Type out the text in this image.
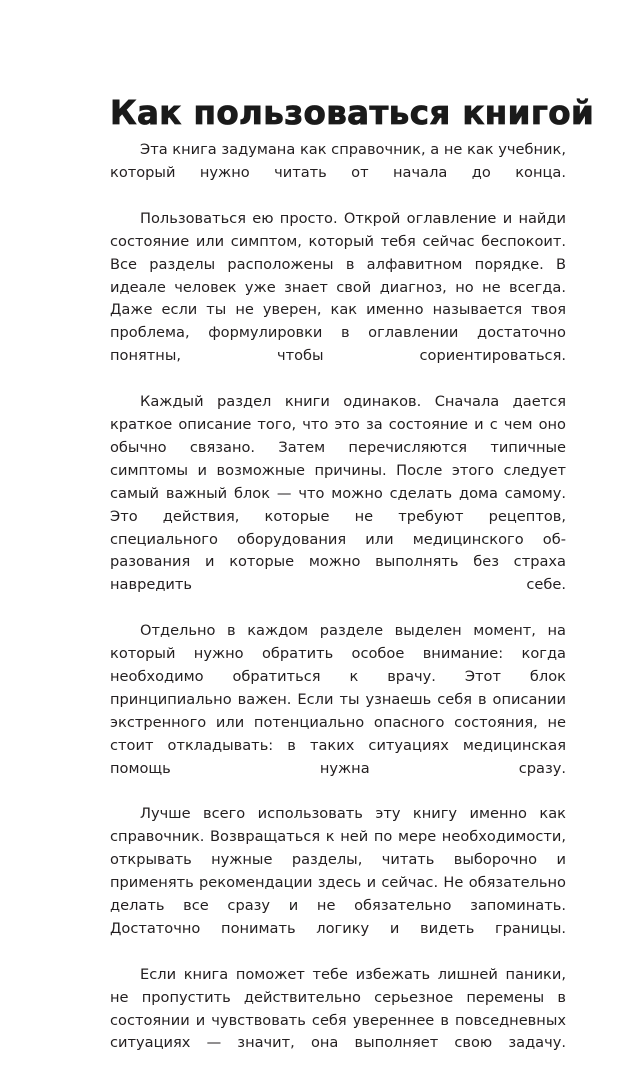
Как пользоваться книгой

Эта книга задумана как справочник, а не как учебник, который нужно читать от начала до конца.

Пользоваться ею просто. Открой оглавление и найди состояние или симптом, который тебя сейчас беспокоит. Все разделы расположены в алфавитном порядке. В идеале человек уже знает свой диагноз, но не всегда. Даже если ты не уверен, как именно называется твоя проблема, формулировки в оглавлении достаточно понятны, чтобы сориентироваться.

Каждый раздел книги одинаков. Сначала дается краткое описание того, что это за состояние и с чем оно обычно связано. Затем перечисляются типичные симптомы и возможные причины. После этого следует самый важный блок — что можно сделать дома самому. Это действия, которые не требуют рецептов, специального оборудования или медицинского образования и которые можно выполнять без страха навредить себе.

Отдельно в каждом разделе выделен момент, на который нужно обратить особое внимание: когда необходимо обратиться к врачу. Этот блок принципиально важен. Если ты узнаешь себя в описании экстренного или потенциально опасного состояния, не стоит откладывать: в таких ситуациях медицинская помощь нужна сразу.

Лучше всего использовать эту книгу именно как справочник. Возвращаться к ней по мере необходимости, открывать нужные разделы, читать выборочно и применять рекомендации здесь и сейчас. Не обязательно делать все сразу и не обязательно запоминать. Достаточно понимать логику и видеть границы.

Если книга поможет тебе избежать лишней паники, не пропустить действительно серьезное перемены в состоянии и чувствовать себя увереннее в повседневных ситуациях — значит, она выполняет свою задачу.
